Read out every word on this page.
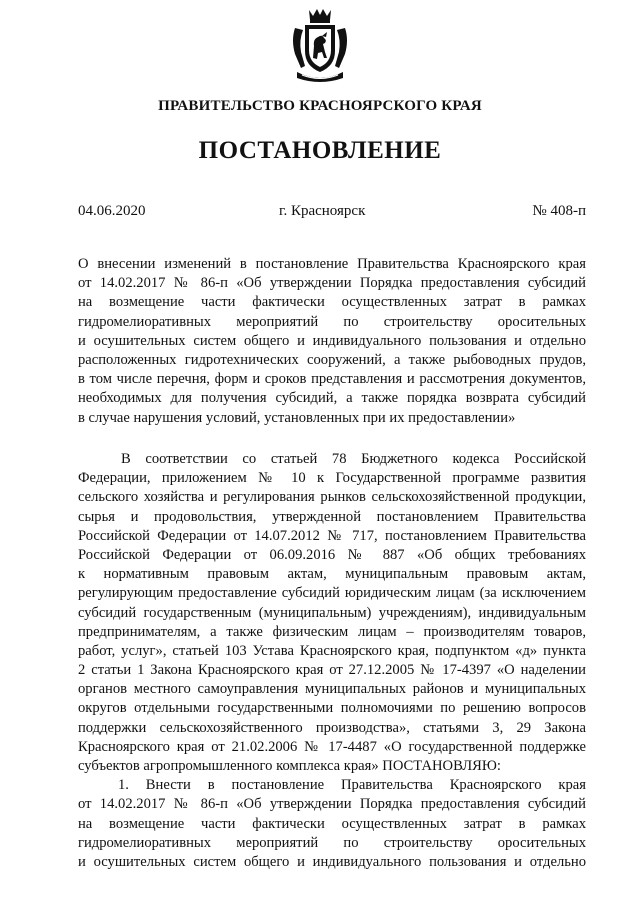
ПРАВИТЕЛЬСТВО КРАСНОЯРСКОГО КРАЯ
ПОСТАНОВЛЕНИЕ
04.06.2020	г. Красноярск	№ 408-п
О внесении изменений в постановление Правительства Красноярского края
от 14.02.2017 № 86-п «Об утверждении Порядка предоставления субсидий
на возмещение части фактически осуществленных затрат в рамках
гидромелиоративных мероприятий по строительству оросительных
и осушительных систем общего и индивидуального пользования и отдельно
расположенных гидротехнических сооружений, а также рыбоводных прудов,
в том числе перечня, форм и сроков представления и рассмотрения документов,
необходимых для получения субсидий, а также порядка возврата субсидий
в случае нарушения условий, установленных при их предоставлении»
В соответствии со статьей 78 Бюджетного кодекса Российской
Федерации, приложением № 10 к Государственной программе развития
сельского хозяйства и регулирования рынков сельскохозяйственной продукции,
сырья и продовольствия, утвержденной постановлением Правительства
Российской Федерации от 14.07.2012 № 717, постановлением Правительства
Российской Федерации от 06.09.2016 № 887 «Об общих требованиях
к нормативным правовым актам, муниципальным правовым актам,
регулирующим предоставление субсидий юридическим лицам (за исключением
субсидий государственным (муниципальным) учреждениям), индивидуальным
предпринимателям, а также физическим лицам – производителям товаров,
работ, услуг», статьей 103 Устава Красноярского края, подпунктом «д» пункта
2 статьи 1 Закона Красноярского края от 27.12.2005 № 17-4397 «О наделении
органов местного самоуправления муниципальных районов и муниципальных
округов отдельными государственными полномочиями по решению вопросов
поддержки сельскохозяйственного производства», статьями 3, 29 Закона
Красноярского края от 21.02.2006 № 17-4487 «О государственной поддержке
субъектов агропромышленного комплекса края» ПОСТАНОВЛЯЮ:
1. Внести в постановление Правительства Красноярского края
от 14.02.2017 № 86-п «Об утверждении Порядка предоставления субсидий
на возмещение части фактически осуществленных затрат в рамках
гидромелиоративных мероприятий по строительству оросительных
и осушительных систем общего и индивидуального пользования и отдельно
